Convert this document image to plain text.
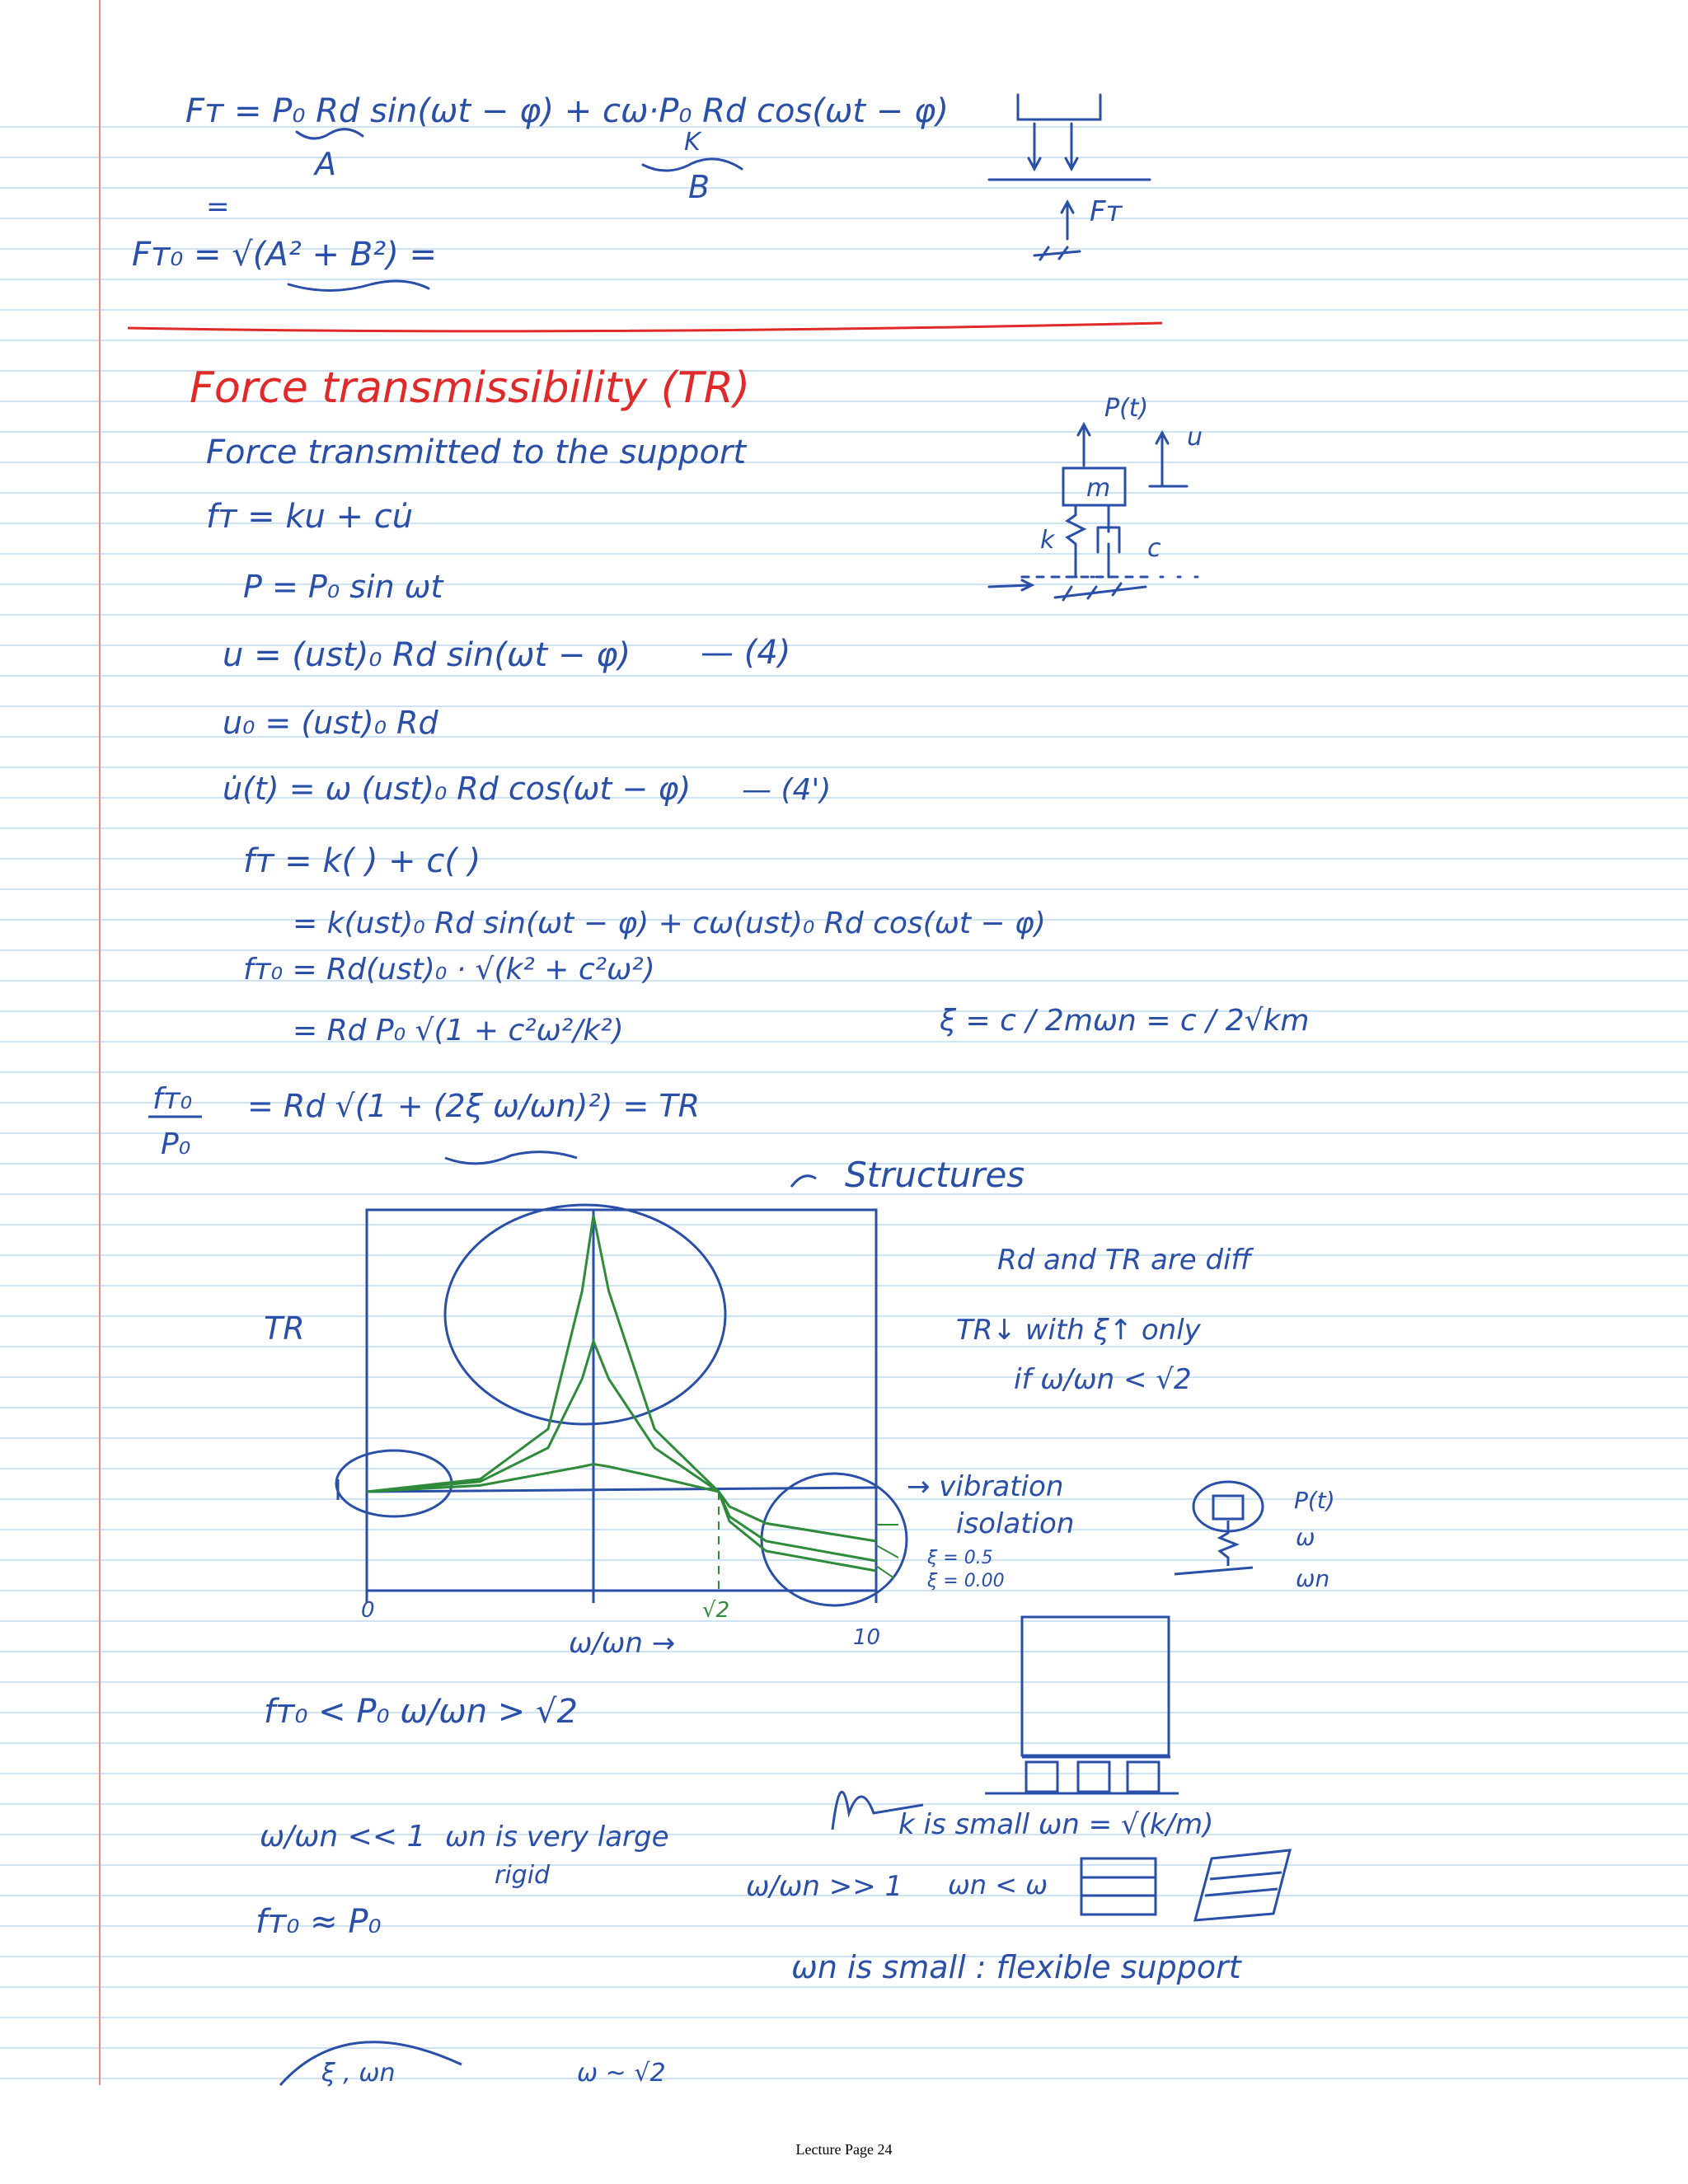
Fᴛ = P₀ Rd sin(ωt − φ) + cω·P₀ Rd cos(ωt − φ)
K
A
B
=
Fᴛ₀ = √(A² + B²) =
Fᴛ
Force transmissibility (TR)
Force transmitted to the support
fᴛ = ku + cu̇
P = P₀ sin ωt
u = (ust)₀ Rd sin(ωt − φ) — (4)
u₀ = (ust)₀ Rd
u̇(t) = ω (ust)₀ Rd cos(ωt − φ) — (4')
fᴛ = k( ) + c( )
= k(ust)₀ Rd sin(ωt − φ) + cω(ust)₀ Rd cos(ωt − φ)
fᴛ₀ = Rd(ust)₀ · √(k² + c²ω²)
= Rd P₀ √(1 + c²ω²/k²)
fᴛ₀
P₀
= Rd √(1 + (2ξ ω/ωn)²) = TR
ξ = c / 2mωn = c / 2√km
P(t)
m
k	c
u
TR
ω/ωn →
0	√2
10
Structures
Rd and TR are diff
TR↓ with ξ↑ only
if ω/ωn < √2
→ vibration
isolation
ξ = 0.5
ξ = 0.00
P(t)
ω
ωn
fᴛ₀ < P₀ ω/ωn > √2
ω/ωn << 1 ωn is very large
rigid
fᴛ₀ ≈ P₀
k is small ωn = √(k/m)
ω/ωn >> 1 ωn < ω
ωn is small : flexible support
ξ , ωn	ω ~ √2
Lecture Page 24
